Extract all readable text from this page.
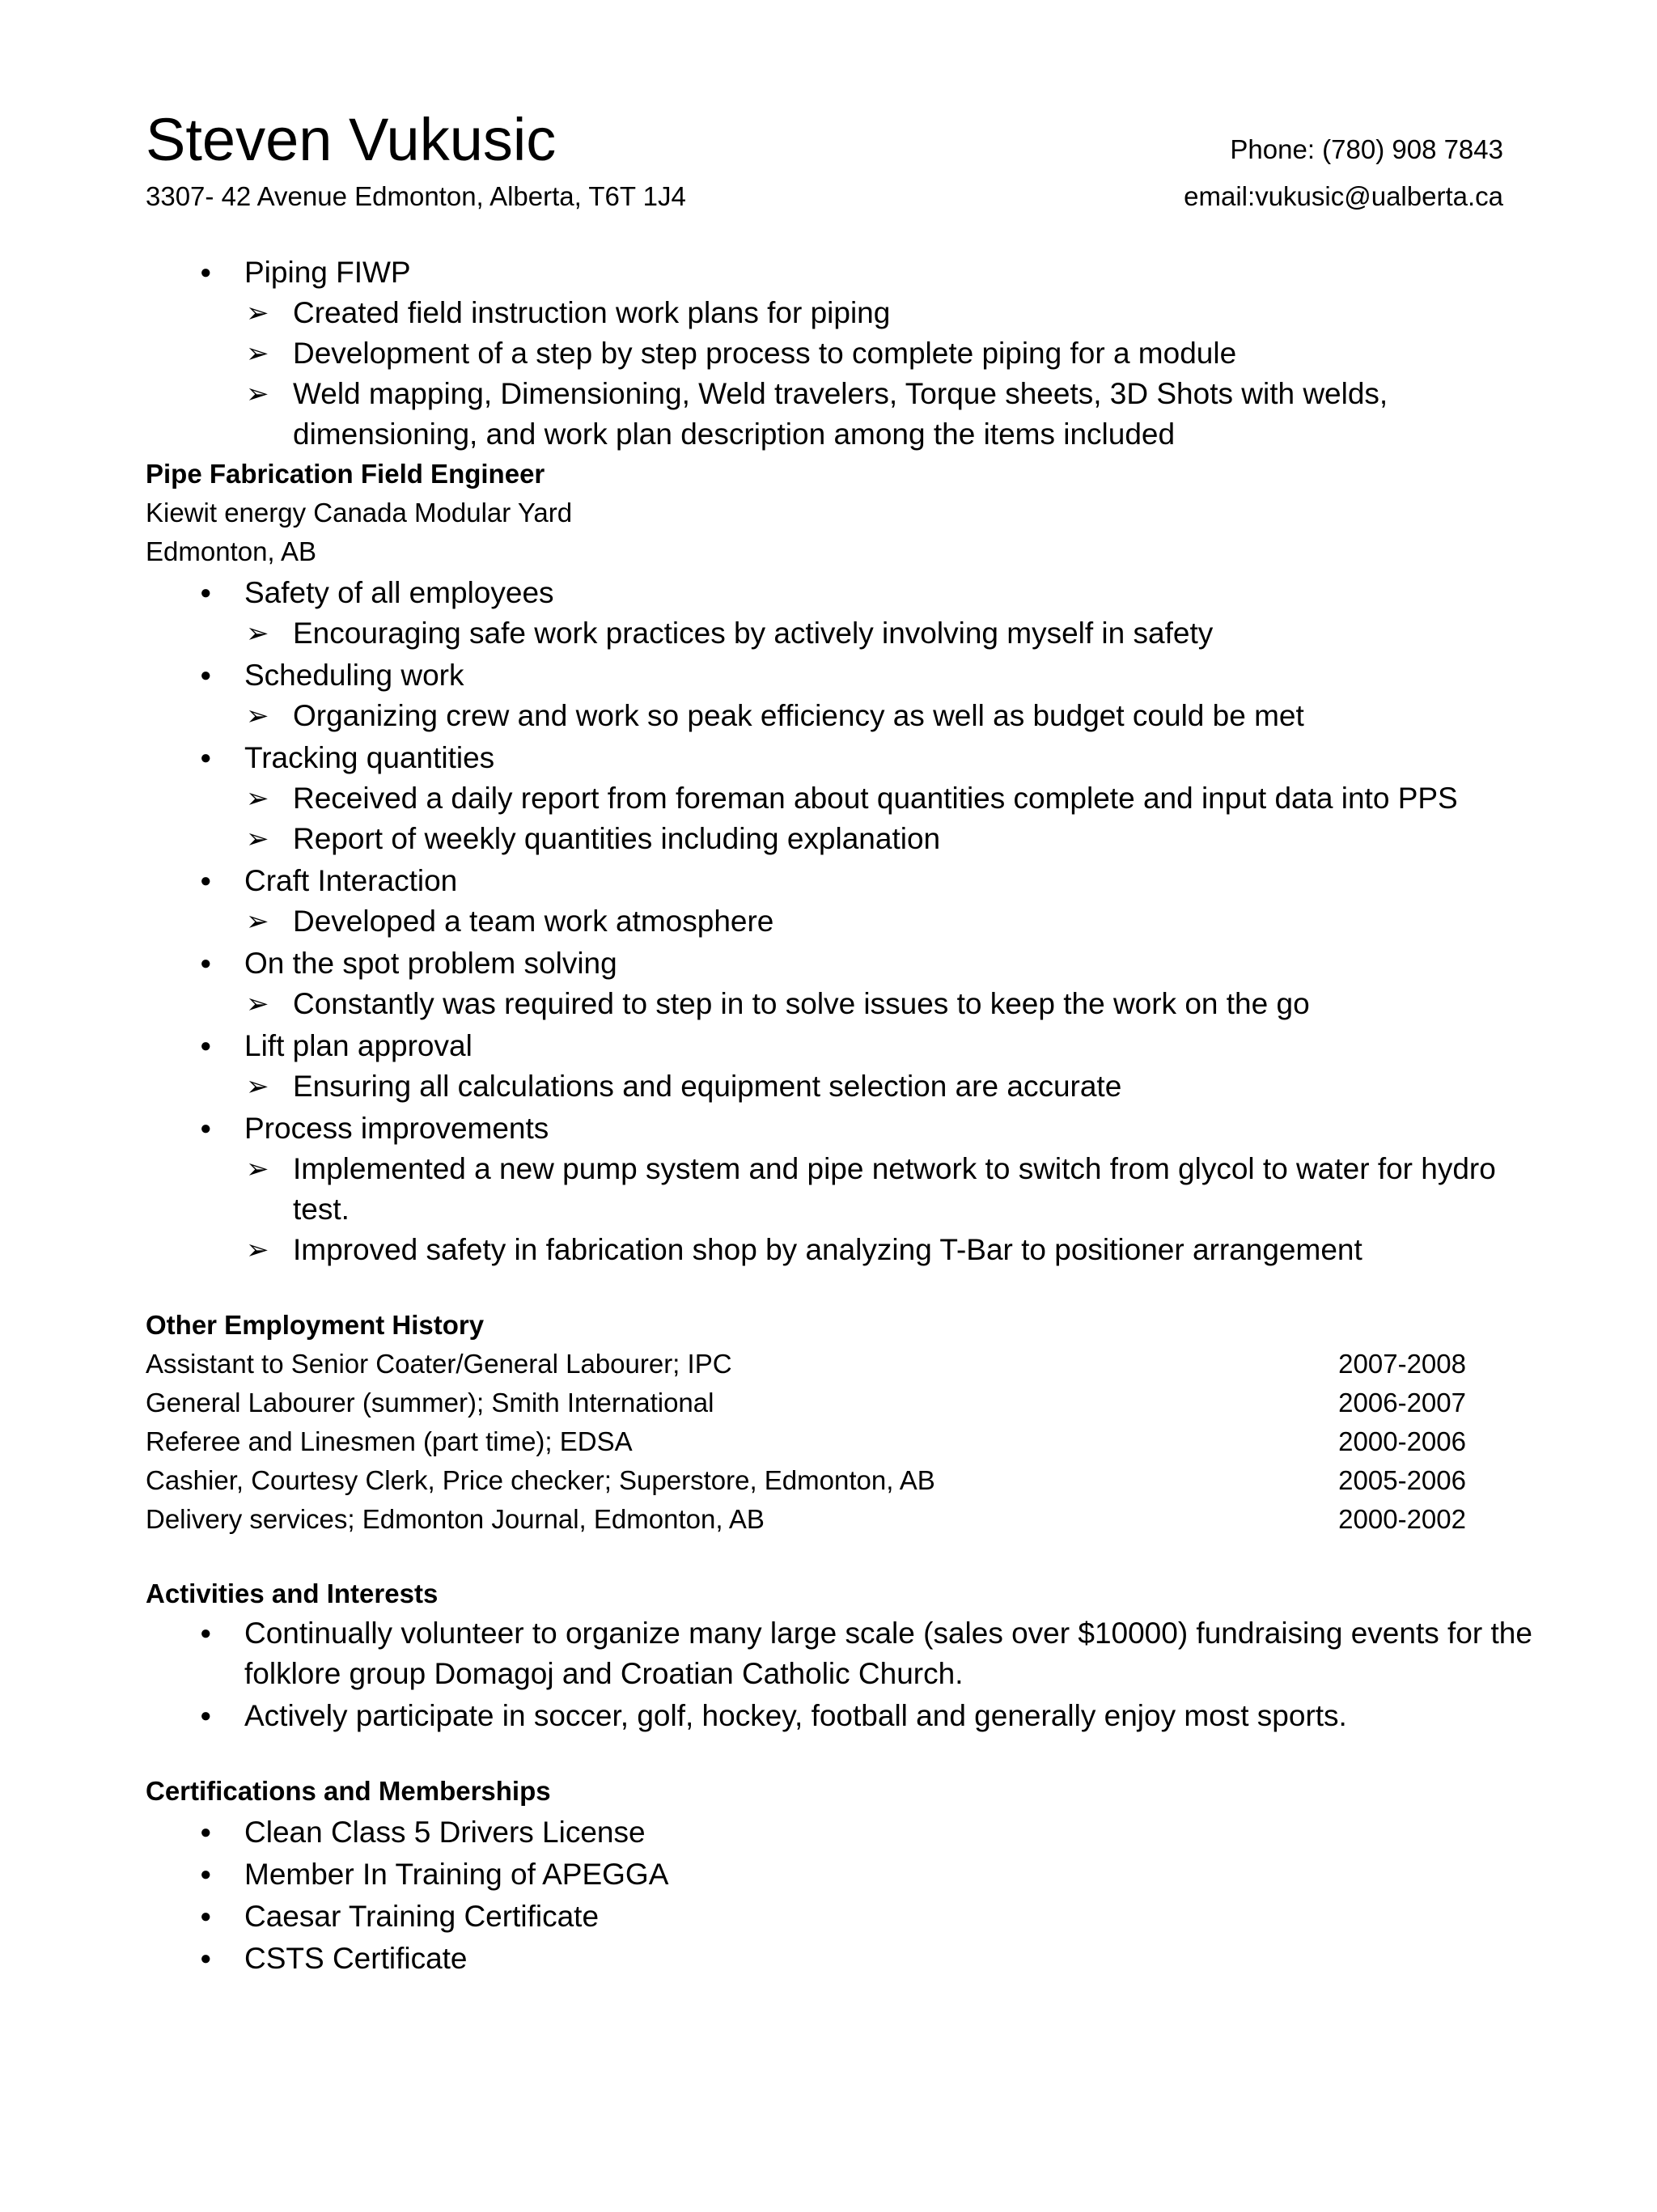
Steven Vukusic	Phone: (780) 908 7843
3307- 42 Avenue Edmonton, Alberta, T6T 1J4	email:vukusic@ualberta.ca
● Piping FIWP
➢ Created field instruction work plans for piping
➢ Development of a step by step process to complete piping for a module
➢ Weld mapping, Dimensioning, Weld travelers, Torque sheets, 3D Shots with welds,
dimensioning, and work plan description among the items included
Pipe Fabrication Field Engineer
Kiewit energy Canada Modular Yard
Edmonton, AB
● Safety of all employees
➢ Encouraging safe work practices by actively involving myself in safety
● Scheduling work
➢ Organizing crew and work so peak efficiency as well as budget could be met
● Tracking quantities
➢ Received a daily report from foreman about quantities complete and input data into PPS
➢ Report of weekly quantities including explanation
● Craft Interaction
➢ Developed a team work atmosphere
● On the spot problem solving
➢ Constantly was required to step in to solve issues to keep the work on the go
● Lift plan approval
➢ Ensuring all calculations and equipment selection are accurate
● Process improvements
➢ Implemented a new pump system and pipe network to switch from glycol to water for hydro
test.
➢ Improved safety in fabrication shop by analyzing T-Bar to positioner arrangement
Other Employment History
Assistant to Senior Coater/General Labourer; IPC	2007-2008
General Labourer (summer); Smith International	2006-2007
Referee and Linesmen (part time); EDSA	2000-2006
Cashier, Courtesy Clerk, Price checker; Superstore, Edmonton, AB	2005-2006
Delivery services; Edmonton Journal, Edmonton, AB	2000-2002
Activities and Interests
● Continually volunteer to organize many large scale (sales over $10000) fundraising events for the
folklore group Domagoj and Croatian Catholic Church.
● Actively participate in soccer, golf, hockey, football and generally enjoy most sports.
Certifications and Memberships
● Clean Class 5 Drivers License
● Member In Training of APEGGA
● Caesar Training Certificate
● CSTS Certificate
